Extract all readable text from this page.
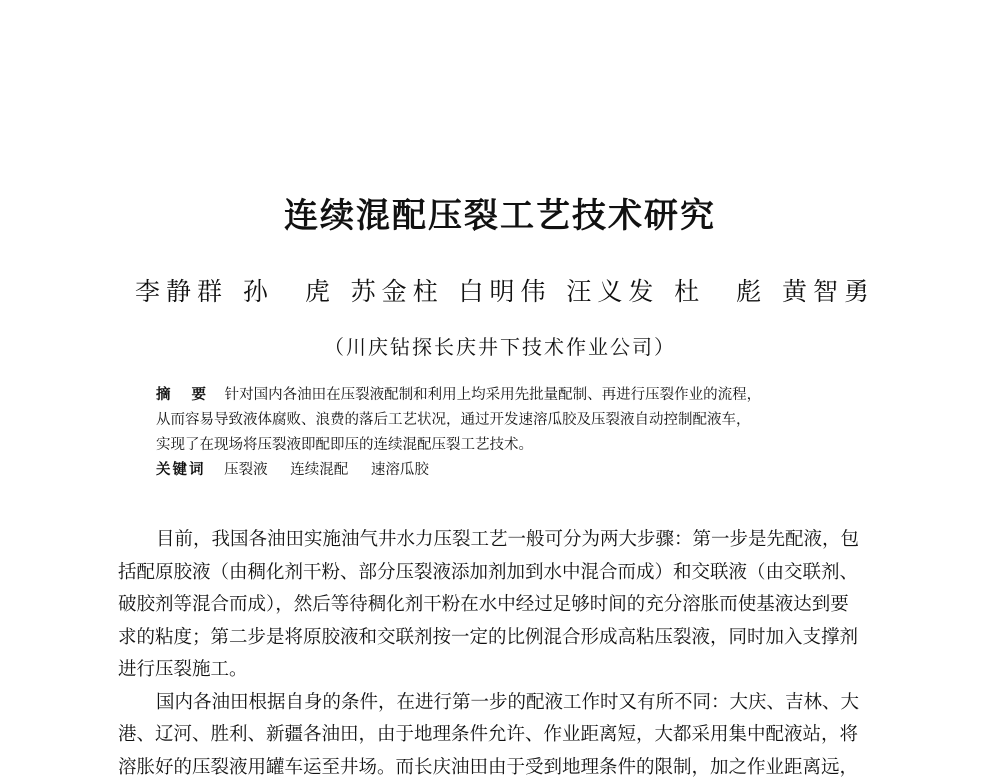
连续混配压裂工艺技术研究
李静群 孙　虎 苏金柱 白明伟 汪义发 杜　彪 黄智勇
（川庆钻探长庆井下技术作业公司）
摘 要 针对国内各油田在压裂液配制和利用上均采用先批量配制、再进行压裂作业的流程，
从而容易导致液体腐败、浪费的落后工艺状况，通过开发速溶瓜胶及压裂液自动控制配液车，
实现了在现场将压裂液即配即压的连续混配压裂工艺技术。
关键词 压裂液 连续混配 速溶瓜胶
目前，我国各油田实施油气井水力压裂工艺一般可分为两大步骤：第一步是先配液，包
括配原胶液（由稠化剂干粉、部分压裂液添加剂加到水中混合而成）和交联液（由交联剂、
破胶剂等混合而成），然后等待稠化剂干粉在水中经过足够时间的充分溶胀而使基液达到要
求的粘度；第二步是将原胶液和交联剂按一定的比例混合形成高粘压裂液，同时加入支撑剂
进行压裂施工。
国内各油田根据自身的条件，在进行第一步的配液工作时又有所不同：大庆、吉林、大
港、辽河、胜利、新疆各油田，由于地理条件允许、作业距离短，大都采用集中配液站，将
溶胀好的压裂液用罐车运至井场。而长庆油田由于受到地理条件的限制，加之作业距离远，
